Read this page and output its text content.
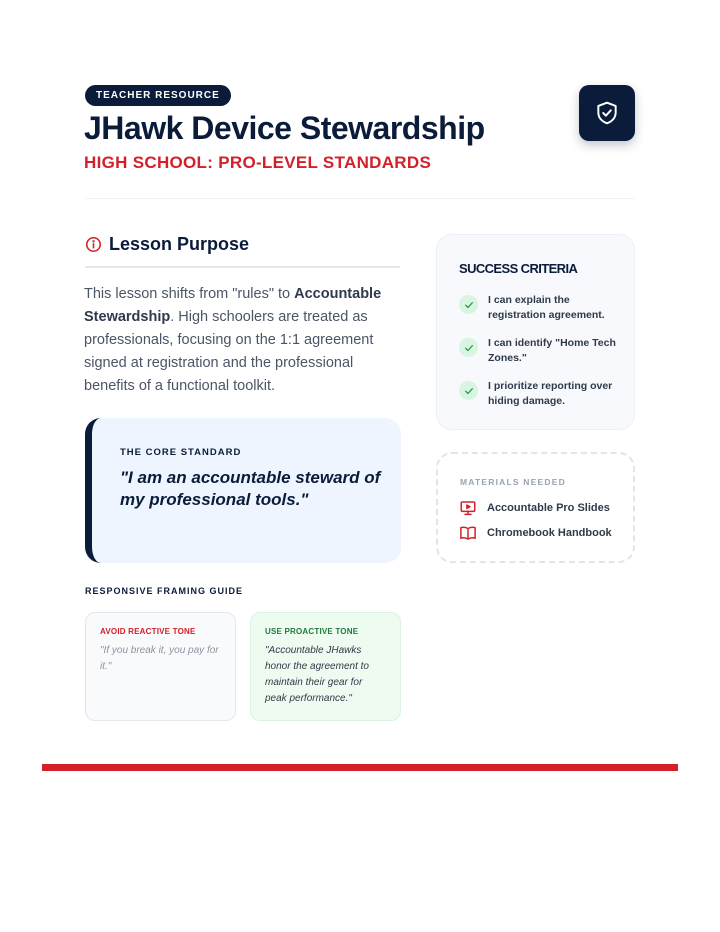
TEACHER RESOURCE
JHawk Device Stewardship
HIGH SCHOOL: PRO-LEVEL STANDARDS
Lesson Purpose

This lesson shifts from "rules" to Accountable Stewardship. High schoolers are treated as professionals, focusing on the 1:1 agreement signed at registration and the professional benefits of a functional toolkit.

THE CORE STANDARD
"I am an accountable steward of my professional tools."
RESPONSIVE FRAMING GUIDE
AVOID REACTIVE TONE
"If you break it, you pay for it."
USE PROACTIVE TONE
"Accountable JHawks honor the agreement to maintain their gear for peak performance."
SUCCESS CRITERIA
I can explain the registration agreement.
I can identify "Home Tech Zones."
I prioritize reporting over hiding damage.
MATERIALS NEEDED
Accountable Pro Slides
Chromebook Handbook
